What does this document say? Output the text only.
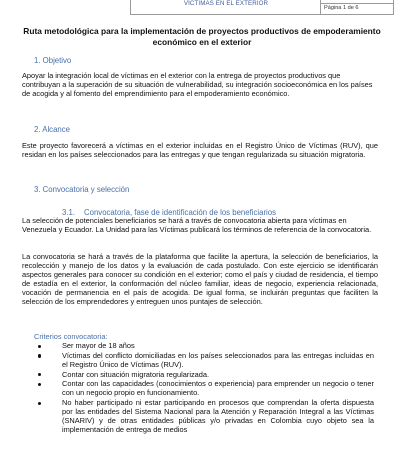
VÍCTIMAS EN EL EXTERIOR
Página 1 de 6
Ruta metodológica para la implementación de proyectos productivos de empoderamiento económico en el exterior
1. Objetivo
Apoyar la integración local de víctimas en el exterior con la entrega de proyectos productivos que contribuyan a la superación de su situación de vulnerabilidad, su integración socioeconómica en los países de acogida y al fomento del emprendimiento para el empoderamiento económico.
2. Alcance
Este proyecto favorecerá a víctimas en el exterior incluidas en el Registro Único de Víctimas (RUV), que residan en los países seleccionados para las entregas y que tengan regularizada su situación migratoria.
3. Convocatoria y selección
3.1. Convocatoria, fase de identificación de los beneficiarios
La selección de potenciales beneficiarios se hará a través de convocatoria abierta para víctimas en Venezuela y Ecuador. La Unidad para las Víctimas publicará los términos de referencia de la convocatoria.
La convocatoria se hará a través de la plataforma que facilite la apertura, la selección de beneficiarios, la recolección y manejo de los datos y la evaluación de cada postulado. Con este ejercicio se identificarán aspectos generales para conocer su condición en el exterior; como el país y ciudad de residencia, el tiempo de estadía en el exterior, la conformación del núcleo familiar, ideas de negocio, experiencia relacionada, vocación de permanencia en el país de acogida. De igual forma, se incluirán preguntas que faciliten la selección de los emprendedores y entreguen unos puntajes de selección.
Criterios convocatoria:
Ser mayor de 18 años
Víctimas del conflicto domiciliadas en los países seleccionados para las entregas incluidas en el Registro Único de Víctimas (RUV).
Contar con situación migratoria regularizada.
Contar con las capacidades (conocimientos o experiencia) para emprender un negocio o tener con un negocio propio en funcionamiento.
No haber participado ni estar participando en procesos que comprendan la oferta dispuesta por las entidades del Sistema Nacional para la Atención y Reparación Integral a las Víctimas (SNARIV) y de otras entidades públicas y/o privadas en Colombia cuyo objeto sea la implementación de entrega de medios
